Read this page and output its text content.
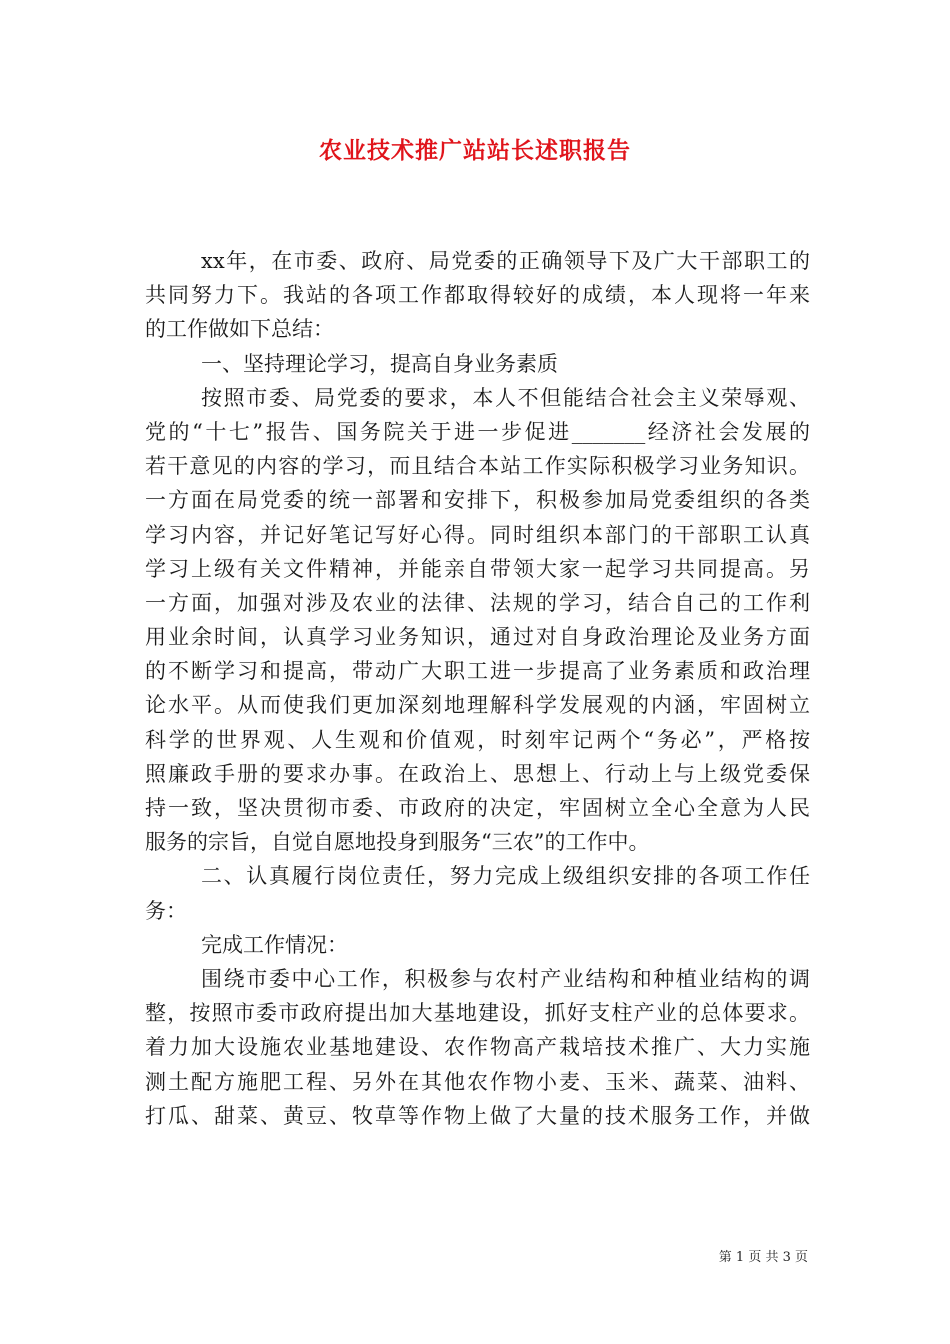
农业技术推广站站长述职报告
xx年，在市委、政府、局党委的正确领导下及广大干部职工的
共同努力下。我站的各项工作都取得较好的成绩，本人现将一年来
的工作做如下总结：
一、坚持理论学习，提高自身业务素质
按照市委、局党委的要求，本人不但能结合社会主义荣辱观、
党的“十七”报告、国务院关于进一步促进_______经济社会发展的
若干意见的内容的学习，而且结合本站工作实际积极学习业务知识。
一方面在局党委的统一部署和安排下，积极参加局党委组织的各类
学习内容，并记好笔记写好心得。同时组织本部门的干部职工认真
学习上级有关文件精神，并能亲自带领大家一起学习共同提高。另
一方面，加强对涉及农业的法律、法规的学习，结合自己的工作利
用业余时间，认真学习业务知识，通过对自身政治理论及业务方面
的不断学习和提高，带动广大职工进一步提高了业务素质和政治理
论水平。从而使我们更加深刻地理解科学发展观的内涵，牢固树立
科学的世界观、人生观和价值观，时刻牢记两个“务必”，严格按
照廉政手册的要求办事。在政治上、思想上、行动上与上级党委保
持一致，坚决贯彻市委、市政府的决定，牢固树立全心全意为人民
服务的宗旨，自觉自愿地投身到服务“三农”的工作中。
二、认真履行岗位责任，努力完成上级组织安排的各项工作任
务：
完成工作情况：
围绕市委中心工作，积极参与农村产业结构和种植业结构的调
整，按照市委市政府提出加大基地建设，抓好支柱产业的总体要求。
着力加大设施农业基地建设、农作物高产栽培技术推广、大力实施
测土配方施肥工程、另外在其他农作物小麦、玉米、蔬菜、油料、
打瓜、甜菜、黄豆、牧草等作物上做了大量的技术服务工作，并做
第 1 页 共 3 页
